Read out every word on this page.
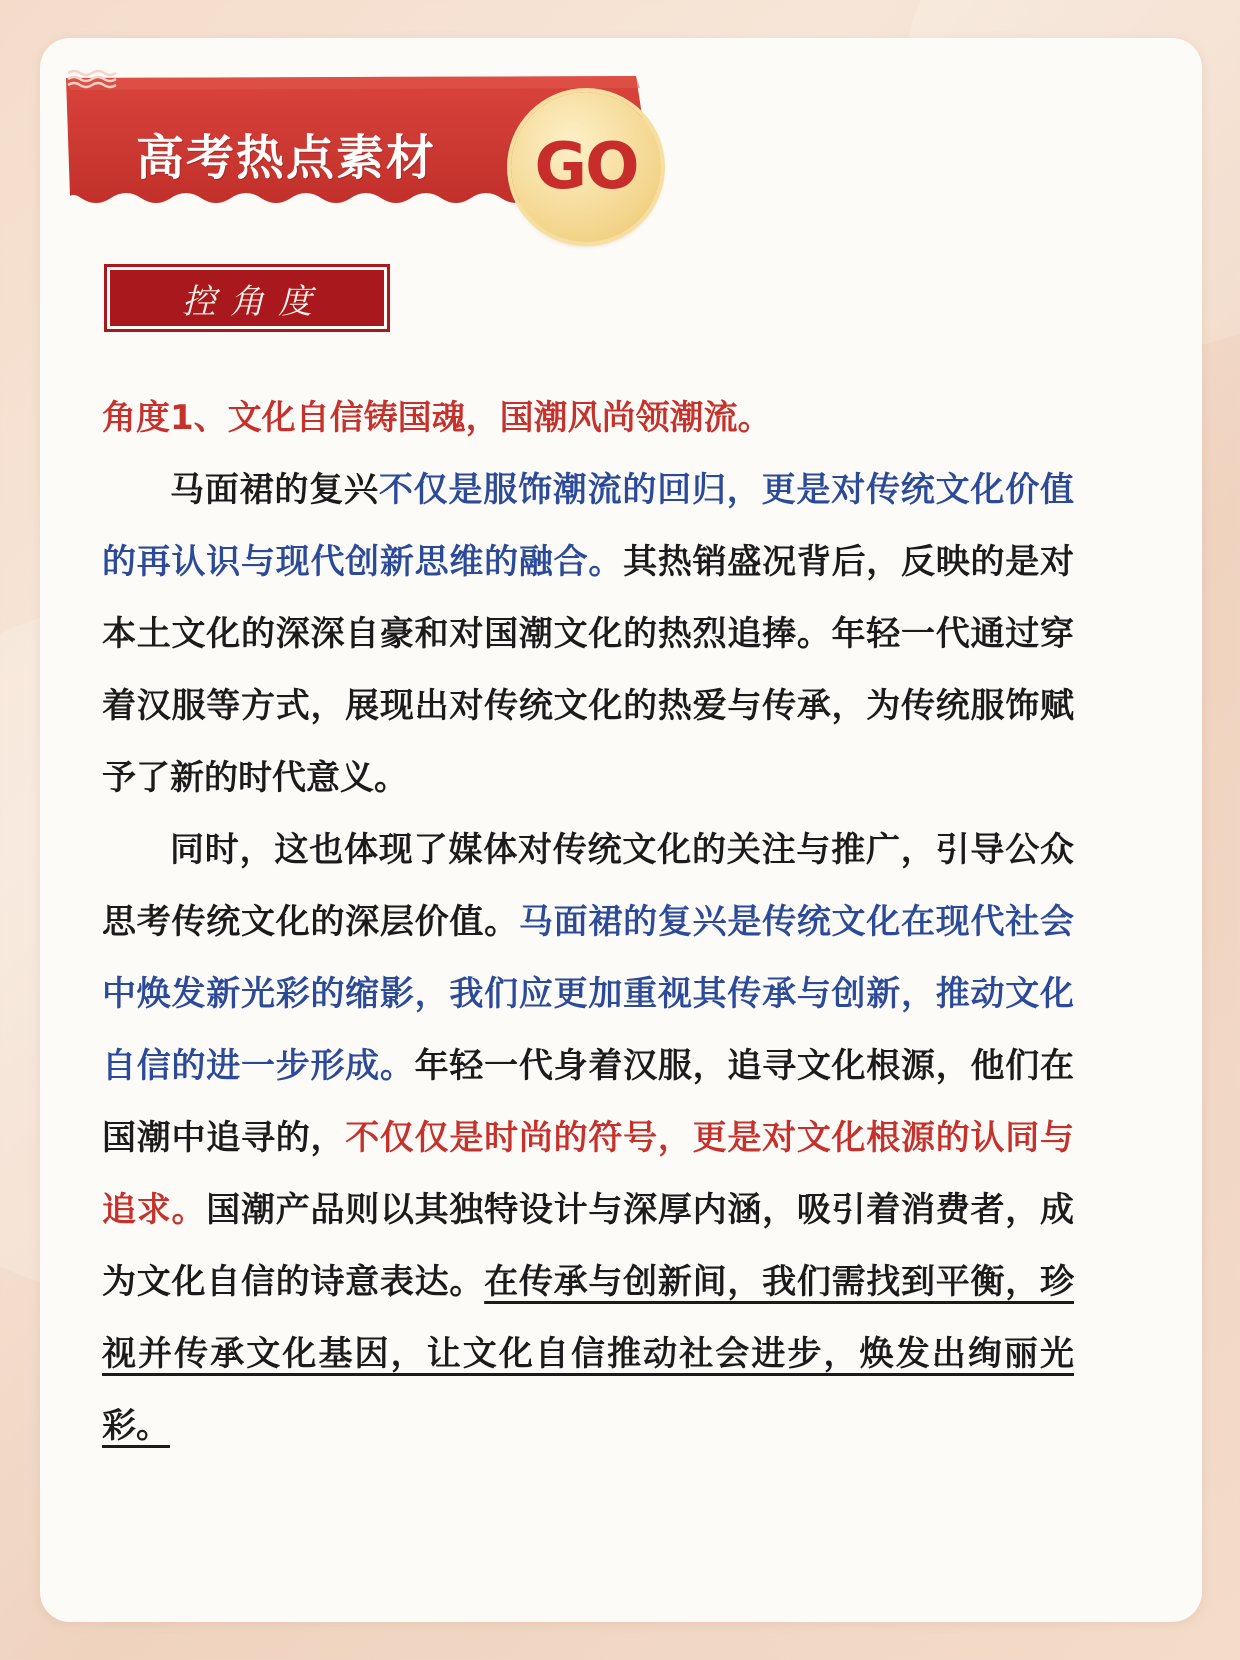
高考热点素材 GO
控角度

角度1、文化自信铸国魂，国潮风尚领潮流。

马面裙的复兴不仅是服饰潮流的回归，更是对传统文化价值的再认识与现代创新思维的融合。其热销盛况背后，反映的是对本土文化的深深自豪和对国潮文化的热烈追捧。年轻一代通过穿着汉服等方式，展现出对传统文化的热爱与传承，为传统服饰赋予了新的时代意义。

同时，这也体现了媒体对传统文化的关注与推广，引导公众思考传统文化的深层价值。马面裙的复兴是传统文化在现代社会中焕发新光彩的缩影，我们应更加重视其传承与创新，推动文化自信的进一步形成。年轻一代身着汉服，追寻文化根源，他们在国潮中追寻的，不仅仅是时尚的符号，更是对文化根源的认同与追求。国潮产品则以其独特设计与深厚内涵，吸引着消费者，成为文化自信的诗意表达。在传承与创新间，我们需找到平衡，珍视并传承文化基因，让文化自信推动社会进步，焕发出绚丽光彩。
